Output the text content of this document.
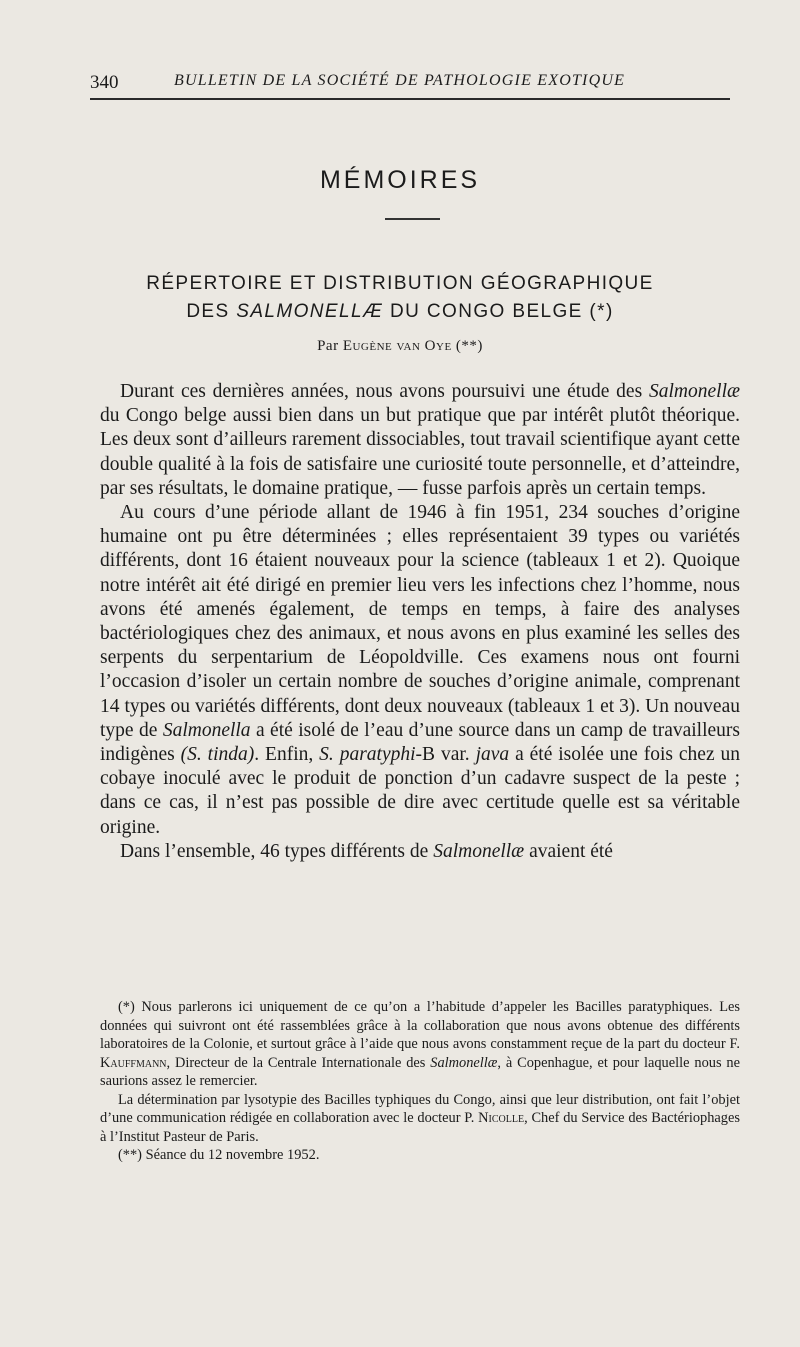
340	BULLETIN DE LA SOCIÉTÉ DE PATHOLOGIE EXOTIQUE
MÉMOIRES
RÉPERTOIRE ET DISTRIBUTION GÉOGRAPHIQUE
DES SALMONELLÆ DU CONGO BELGE (*)
Par Eugène van Oye (**)

Durant ces dernières années, nous avons poursuivi une étude des Salmonellæ du Congo belge aussi bien dans un but pratique que par intérêt plutôt théorique. Les deux sont d’ailleurs rarement dissociables, tout travail scientifique ayant cette double qualité à la fois de satisfaire une curiosité toute personnelle, et d’atteindre, par ses résultats, le domaine pratique, — fusse parfois après un certain temps.

Au cours d’une période allant de 1946 à fin 1951, 234 souches d’origine humaine ont pu être déterminées ; elles représentaient 39 types ou variétés différents, dont 16 étaient nouveaux pour la science (tableaux 1 et 2). Quoique notre intérêt ait été dirigé en premier lieu vers les infections chez l’homme, nous avons été amenés également, de temps en temps, à faire des analyses bactériologiques chez des animaux, et nous avons en plus examiné les selles des serpents du serpentarium de Léopoldville. Ces examens nous ont fourni l’occasion d’isoler un certain nombre de souches d’origine animale, comprenant 14 types ou variétés différents, dont deux nouveaux (tableaux 1 et 3). Un nouveau type de Salmonella a été isolé de l’eau d’une source dans un camp de travailleurs indigènes (S. tinda). Enfin, S. paratyphi-B var. java a été isolée une fois chez un cobaye inoculé avec le produit de ponction d’un cadavre suspect de la peste ; dans ce cas, il n’est pas possible de dire avec certitude quelle est sa véritable origine.

Dans l’ensemble, 46 types différents de Salmonellæ avaient été

(*) Nous parlerons ici uniquement de ce qu’on a l’habitude d’appeler les Bacilles paratyphiques. Les données qui suivront ont été rassemblées grâce à la collaboration que nous avons obtenue des différents laboratoires de la Colonie, et surtout grâce à l’aide que nous avons constamment reçue de la part du docteur F. Kauffmann, Directeur de la Centrale Internationale des Salmonellæ, à Copenhague, et pour laquelle nous ne saurions assez le remercier.

La détermination par lysotypie des Bacilles typhiques du Congo, ainsi que leur distribution, ont fait l’objet d’une communication rédigée en collaboration avec le docteur P. Nicolle, Chef du Service des Bactériophages à l’Institut Pasteur de Paris.

(**) Séance du 12 novembre 1952.
